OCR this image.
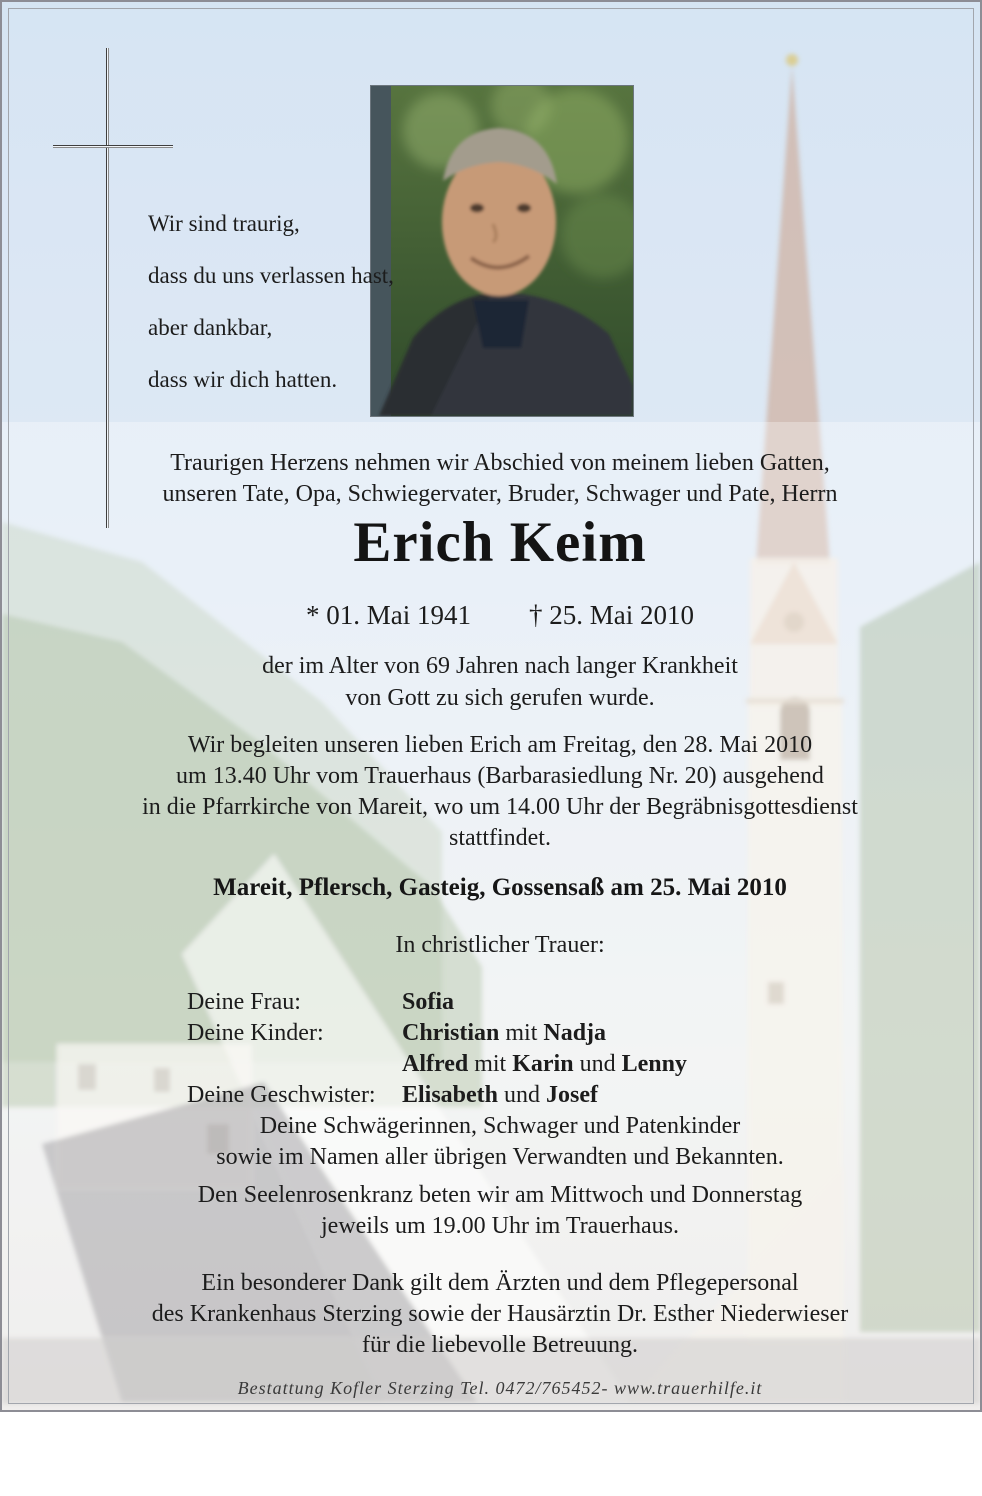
Wir sind traurig,
dass du uns verlassen hast,
aber dankbar,
dass wir dich hatten.
Traurigen Herzens nehmen wir Abschied von meinem lieben Gatten,
unseren Tate, Opa, Schwiegervater, Bruder, Schwager und Pate, Herrn
Erich Keim
* 01. Mai 1941 † 25. Mai 2010
der im Alter von 69 Jahren nach langer Krankheit
von Gott zu sich gerufen wurde.
Wir begleiten unseren lieben Erich am Freitag, den 28. Mai 2010
um 13.40 Uhr vom Trauerhaus (Barbarasiedlung Nr. 20) ausgehend
in die Pfarrkirche von Mareit, wo um 14.00 Uhr der Begräbnisgottesdienst
stattfindet.
Mareit, Pflersch, Gasteig, Gossensaß am 25. Mai 2010
In christlicher Trauer:
Deine Frau:	Sofia
Deine Kinder:	Christian mit Nadja
Alfred mit Karin und Lenny
Deine Geschwister:	Elisabeth und Josef
Deine Schwägerinnen, Schwager und Patenkinder
sowie im Namen aller übrigen Verwandten und Bekannten.
Den Seelenrosenkranz beten wir am Mittwoch und Donnerstag
jeweils um 19.00 Uhr im Trauerhaus.
Ein besonderer Dank gilt dem Ärzten und dem Pflegepersonal
des Krankenhaus Sterzing sowie der Hausärztin Dr. Esther Niederwieser
für die liebevolle Betreuung.
Bestattung Kofler Sterzing Tel. 0472/765452- www.trauerhilfe.it
